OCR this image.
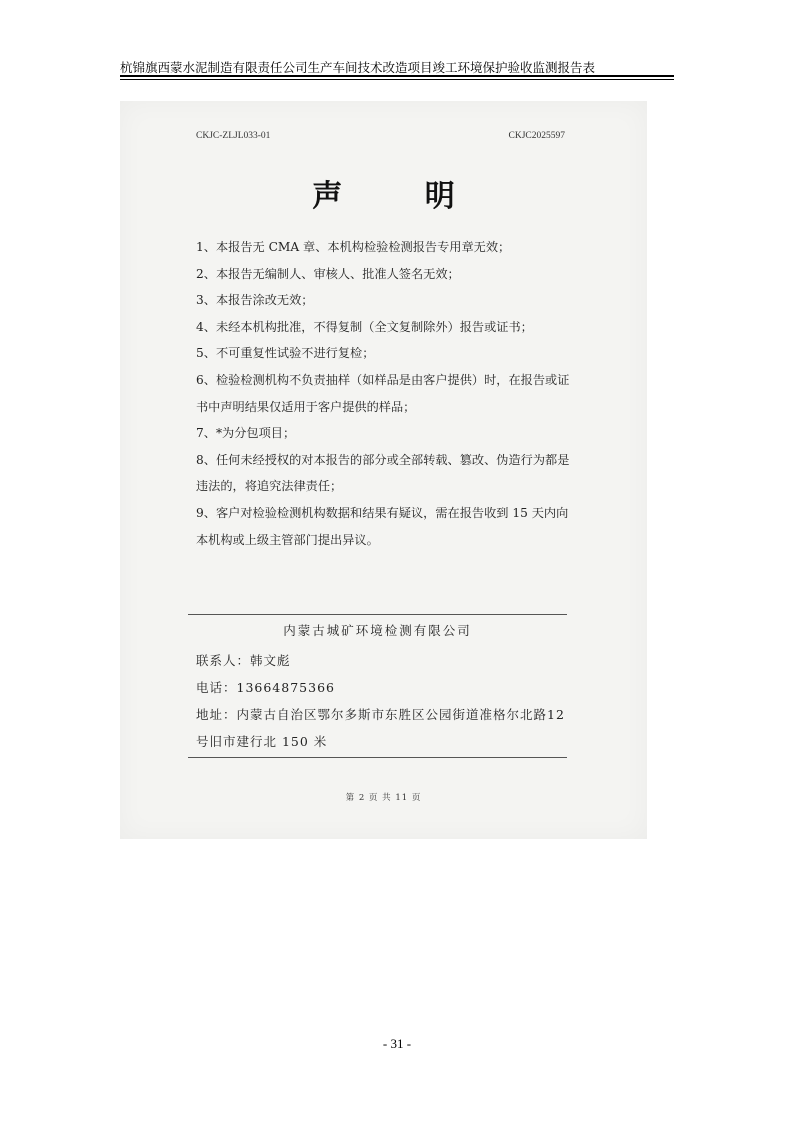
杭锦旗西蒙水泥制造有限责任公司生产车间技术改造项目竣工环境保护验收监测报告表
CKJC-ZLJL033-01	CKJC2025597
声 明

1、本报告无 CMA 章、本机构检验检测报告专用章无效；

2、本报告无编制人、审核人、批准人签名无效；

3、本报告涂改无效；

4、未经本机构批准，不得复制（全文复制除外）报告或证书；

5、不可重复性试验不进行复检；

6、检验检测机构不负责抽样（如样品是由客户提供）时，在报告或证书中声明结果仅适用于客户提供的样品；

7、*为分包项目；

8、任何未经授权的对本报告的部分或全部转载、篡改、伪造行为都是违法的，将追究法律责任；

9、客户对检验检测机构数据和结果有疑议，需在报告收到 15 天内向本机构或上级主管部门提出异议。

内蒙古城矿环境检测有限公司

联系人：韩文彪

电话：13664875366

地址：内蒙古自治区鄂尔多斯市东胜区公园街道准格尔北路12 号旧市建行北 150 米

第 2 页 共 11 页
- 31 -
